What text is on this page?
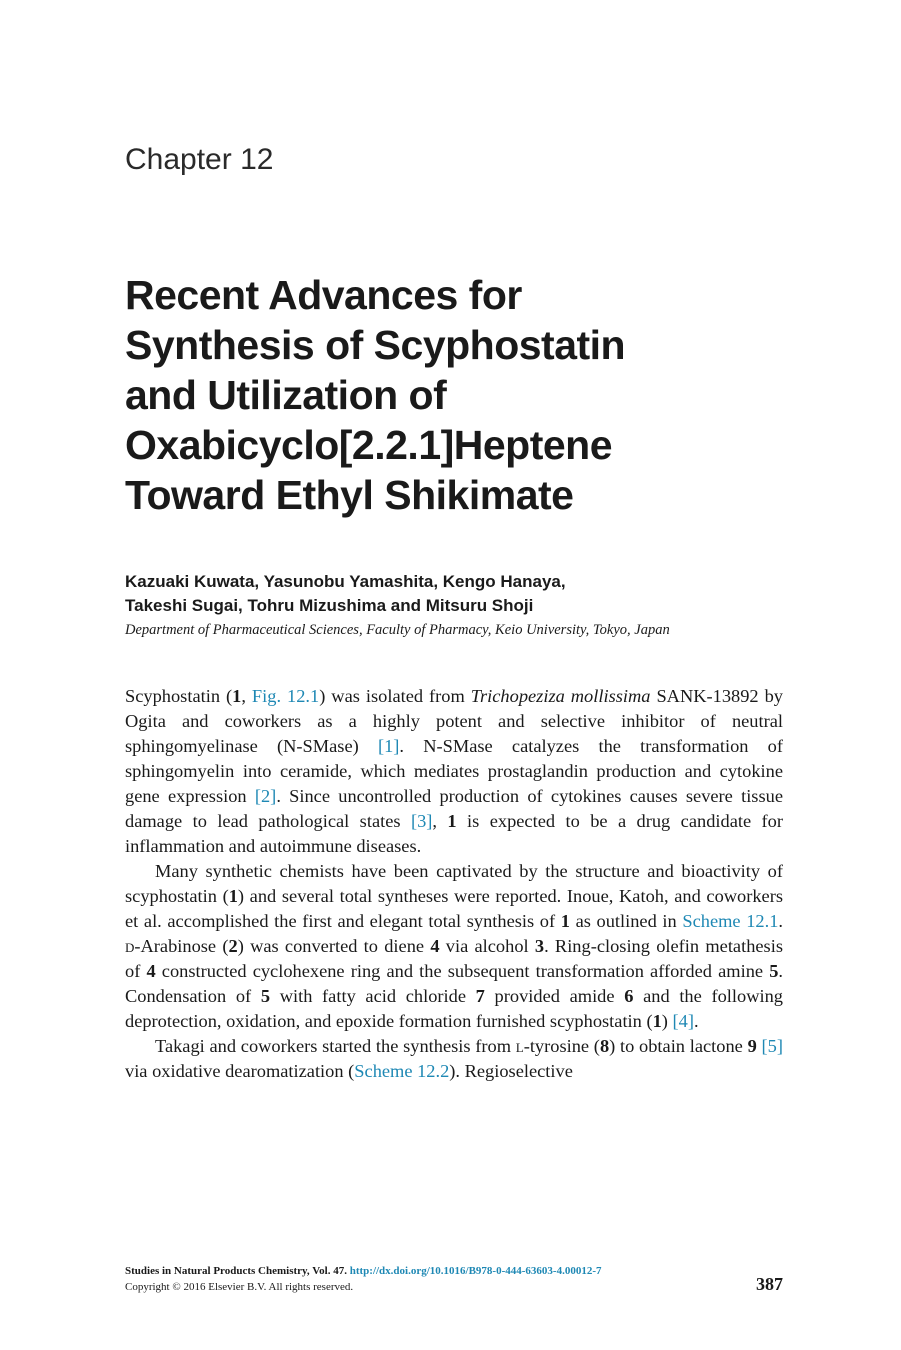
Chapter 12
Recent Advances for
Synthesis of Scyphostatin
and Utilization of
Oxabicyclo[2.2.1]Heptene
Toward Ethyl Shikimate
Kazuaki Kuwata, Yasunobu Yamashita, Kengo Hanaya,
Takeshi Sugai, Tohru Mizushima and Mitsuru Shoji
Department of Pharmaceutical Sciences, Faculty of Pharmacy, Keio University, Tokyo, Japan

Scyphostatin (1, Fig. 12.1) was isolated from Trichopeziza mollissima SANK-13892 by Ogita and coworkers as a highly potent and selective inhibitor of neutral sphingomyelinase (N-SMase) [1]. N-SMase catalyzes the transformation of sphingomyelin into ceramide, which mediates prostaglandin production and cytokine gene expression [2]. Since uncontrolled production of cytokines causes severe tissue damage to lead pathological states [3], 1 is expected to be a drug candidate for inflammation and autoimmune diseases.

Many synthetic chemists have been captivated by the structure and bioactivity of scyphostatin (1) and several total syntheses were reported. Inoue, Katoh, and coworkers et al. accomplished the first and elegant total synthesis of 1 as outlined in Scheme 12.1. d-Arabinose (2) was converted to diene 4 via alcohol 3. Ring-closing olefin metathesis of 4 constructed cyclohexene ring and the subsequent transformation afforded amine 5. Condensation of 5 with fatty acid chloride 7 provided amide 6 and the following deprotection, oxidation, and epoxide formation furnished scyphostatin (1) [4].

Takagi and coworkers started the synthesis from l-tyrosine (8) to obtain lactone 9 [5] via oxidative dearomatization (Scheme 12.2). Regioselective

Studies in Natural Products Chemistry, Vol. 47. http://dx.doi.org/10.1016/B978-0-444-63603-4.00012-7
Copyright © 2016 Elsevier B.V. All rights reserved.	387
